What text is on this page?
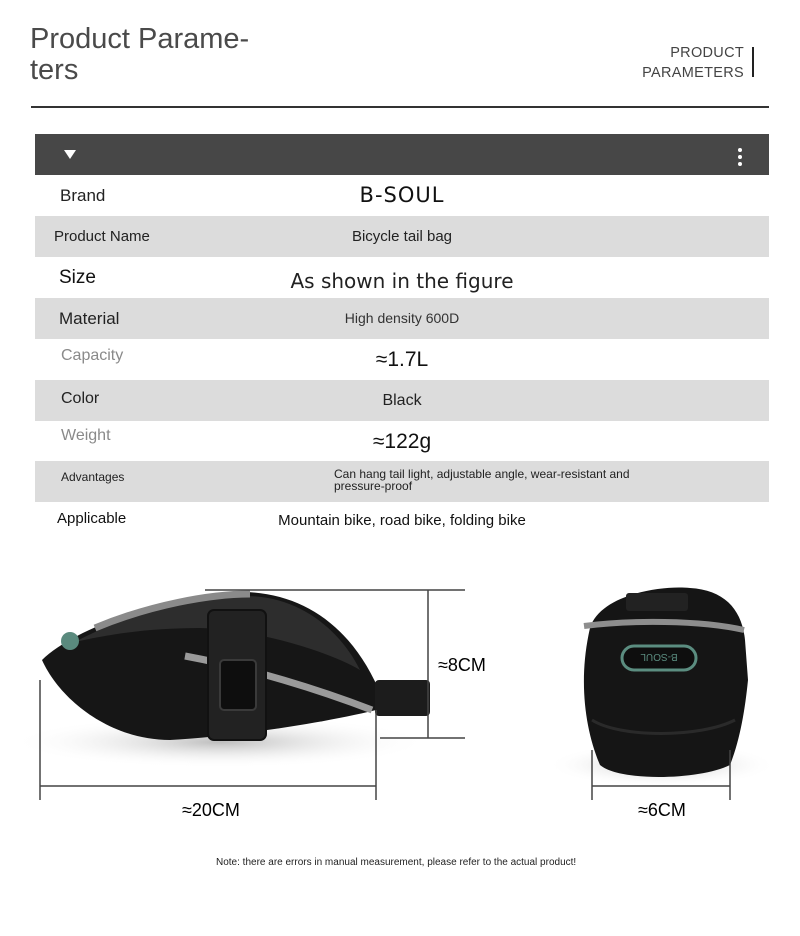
Product Parame-ters
PRODUCT
PARAMETERS
Brand	B-SOUL
Product Name	Bicycle tail bag
Size	As shown in the figure
Material	High density 600D
Capacity	≈1.7L
Color	Black
Weight	≈122g
Advantages	Can hang tail light, adjustable angle, wear-resistant and pressure-proof
Applicable	Mountain bike, road bike, folding bike
≈8CM
≈20CM
B-SOUL
≈6CM
Note: there are errors in manual measurement, please refer to the actual product!
